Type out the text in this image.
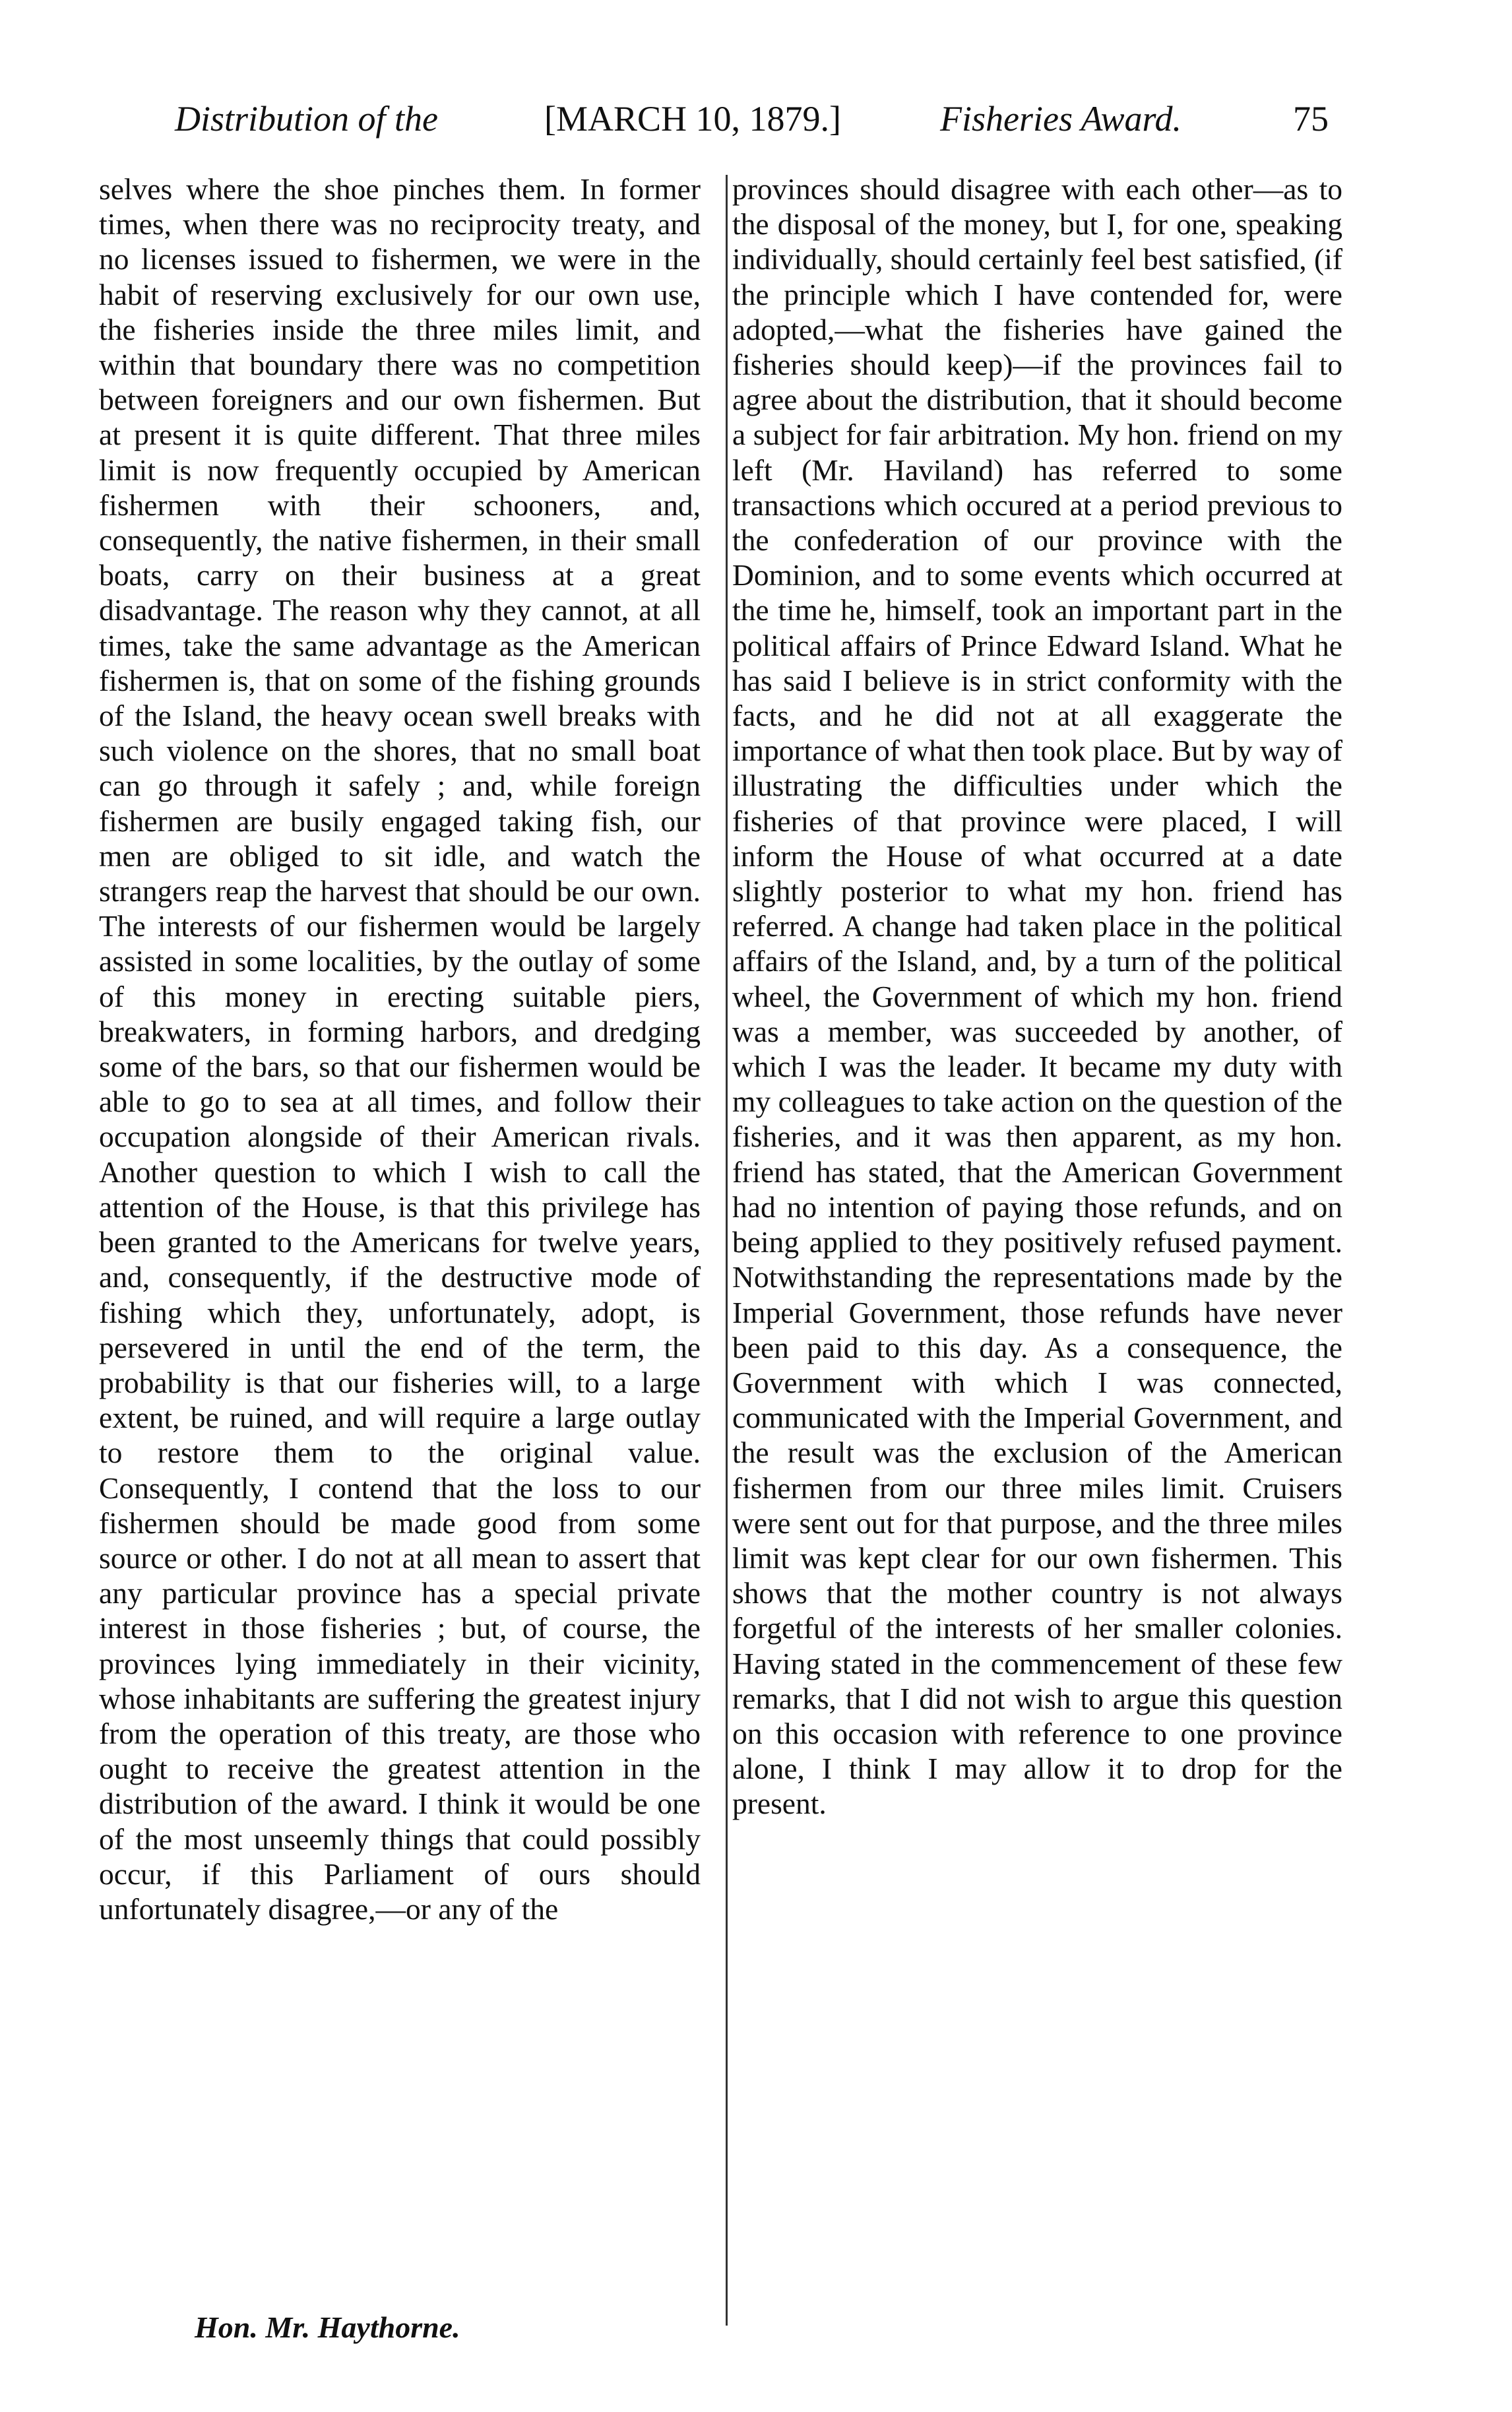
Distribution of the	[MARCH 10, 1879.]	Fisheries Award.	75

selves where the shoe pinches them. In former times, when there was no reciprocity treaty, and no licenses issued to fishermen, we were in the habit of reserving exclusively for our own use, the fisheries inside the three miles limit, and within that boundary there was no competition between foreigners and our own fishermen. But at present it is quite different. That three miles limit is now frequently occupied by American fishermen with their schooners, and, consequently, the native fishermen, in their small boats, carry on their business at a great disadvantage. The reason why they cannot, at all times, take the same advantage as the American fishermen is, that on some of the fishing grounds of the Island, the heavy ocean swell breaks with such violence on the shores, that no small boat can go through it safely ; and, while foreign fishermen are busily engaged taking fish, our men are obliged to sit idle, and watch the strangers reap the harvest that should be our own. The interests of our fishermen would be largely assisted in some localities, by the outlay of some of this money in erecting suitable piers, breakwaters, in forming harbors, and dredging some of the bars, so that our fishermen would be able to go to sea at all times, and follow their occupation alongside of their American rivals. Another question to which I wish to call the attention of the House, is that this privilege has been granted to the Americans for twelve years, and, consequently, if the destructive mode of fishing which they, unfortunately, adopt, is persevered in until the end of the term, the probability is that our fisheries will, to a large extent, be ruined, and will require a large outlay to restore them to the original value. Consequently, I contend that the loss to our fishermen should be made good from some source or other. I do not at all mean to assert that any particular province has a special private interest in those fisheries ; but, of course, the provinces lying immediately in their vicinity, whose inhabitants are suffering the greatest injury from the operation of this treaty, are those who ought to receive the greatest attention in the distribution of the award. I think it would be one of the most unseemly things that could possibly occur, if this Parliament of ours should unfortunately disagree,—or any of the

provinces should disagree with each other—as to the disposal of the money, but I, for one, speaking individually, should certainly feel best satisfied, (if the principle which I have contended for, were adopted,—what the fisheries have gained the fisheries should keep)—if the provinces fail to agree about the distribution, that it should become a subject for fair arbitration. My hon. friend on my left (Mr. Haviland) has referred to some transactions which occured at a period previous to the confederation of our province with the Dominion, and to some events which occurred at the time he, himself, took an important part in the political affairs of Prince Edward Island. What he has said I believe is in strict conformity with the facts, and he did not at all exaggerate the importance of what then took place. But by way of illustrating the difficulties under which the fisheries of that province were placed, I will inform the House of what occurred at a date slightly posterior to what my hon. friend has referred. A change had taken place in the political affairs of the Island, and, by a turn of the political wheel, the Government of which my hon. friend was a member, was succeeded by another, of which I was the leader. It became my duty with my colleagues to take action on the question of the fisheries, and it was then apparent, as my hon. friend has stated, that the American Government had no intention of paying those refunds, and on being applied to they positively refused payment. Notwithstanding the representations made by the Imperial Government, those refunds have never been paid to this day. As a consequence, the Government with which I was connected, communicated with the Imperial Government, and the result was the exclusion of the American fishermen from our three miles limit. Cruisers were sent out for that purpose, and the three miles limit was kept clear for our own fishermen. This shows that the mother country is not always forgetful of the interests of her smaller colonies. Having stated in the commencement of these few remarks, that I did not wish to argue this question on this occasion with reference to one province alone, I think I may allow it to drop for the present.

Hon. Mr. Haythorne.
